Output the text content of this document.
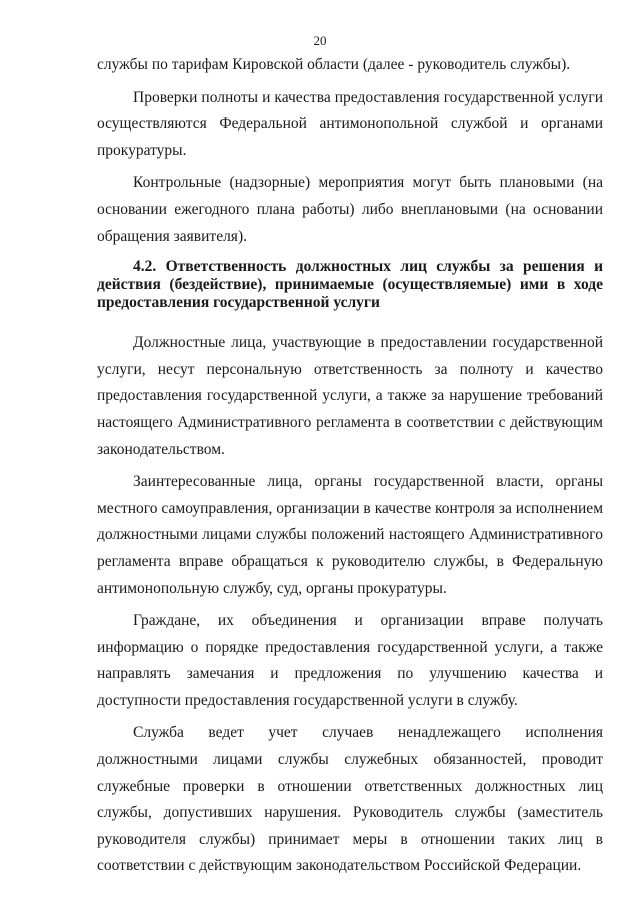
20

службы по тарифам Кировской области (далее - руководитель службы).

Проверки полноты и качества предоставления государственной услуги осуществляются Федеральной антимонопольной службой и органами прокуратуры.

Контрольные (надзорные) мероприятия могут быть плановыми (на основании ежегодного плана работы) либо внеплановыми (на основании обращения заявителя).

4.2. Ответственность должностных лиц службы за решения и действия (бездействие), принимаемые (осуществляемые) ими в ходе предоставления государственной услуги

Должностные лица, участвующие в предоставлении государственной услуги, несут персональную ответственность за полноту и качество предоставления государственной услуги, а также за нарушение требований настоящего Административного регламента в соответствии с действующим законодательством.

Заинтересованные лица, органы государственной власти, органы местного самоуправления, организации в качестве контроля за исполнением должностными лицами службы положений настоящего Административного регламента вправе обращаться к руководителю службы, в Федеральную антимонопольную службу, суд, органы прокуратуры.

Граждане, их объединения и организации вправе получать информацию о порядке предоставления государственной услуги, а также направлять замечания и предложения по улучшению качества и доступности предоставления государственной услуги в службу.

Служба ведет учет случаев ненадлежащего исполнения должностными лицами службы служебных обязанностей, проводит служебные проверки в отношении ответственных должностных лиц службы, допустивших нарушения. Руководитель службы (заместитель руководителя службы) принимает меры в отношении таких лиц в соответствии с действующим законодательством Российской Федерации.
